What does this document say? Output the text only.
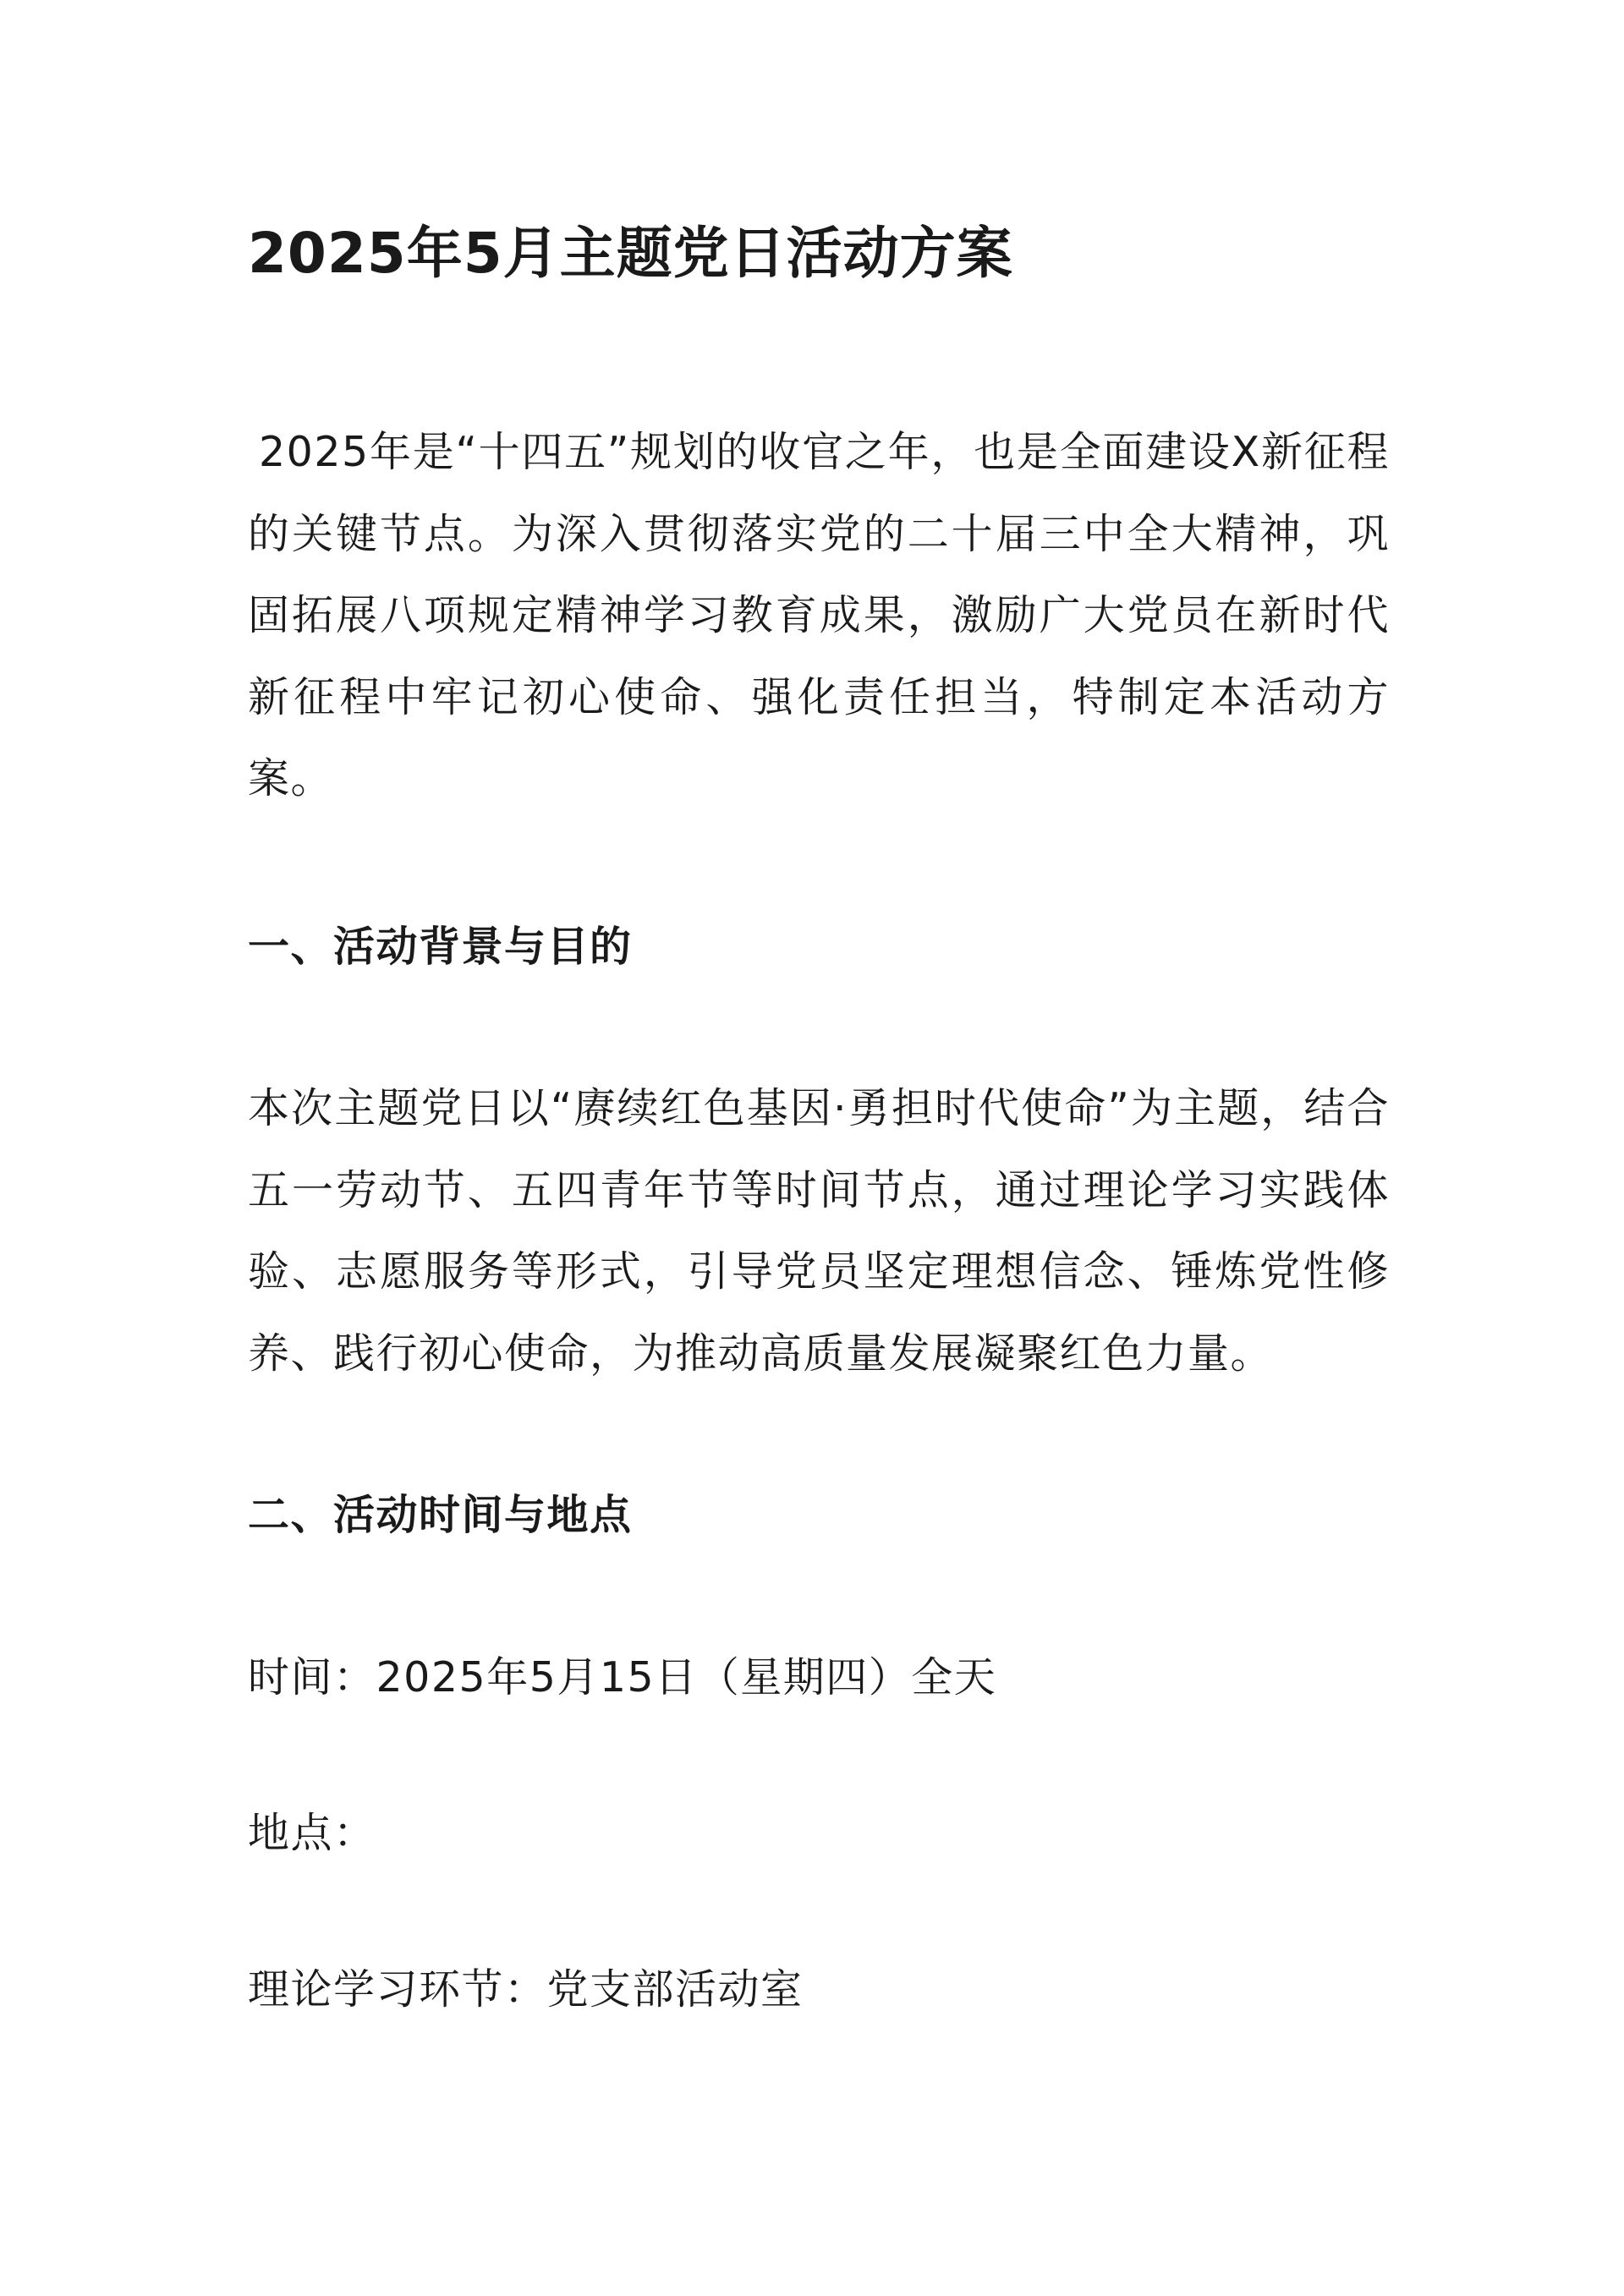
2025年5月主题党日活动方案

2025年是“十四五”规划的收官之年，也是全面建设X新征程的关键节点。为深入贯彻落实党的二十届三中全大精神，巩固拓展八项规定精神学习教育成果，激励广大党员在新时代新征程中牢记初心使命、强化责任担当，特制定本活动方案。

一、活动背景与目的

本次主题党日以“赓续红色基因·勇担时代使命”为主题，结合五一劳动节、五四青年节等时间节点，通过理论学习实践体验、志愿服务等形式，引导党员坚定理想信念、锤炼党性修养、践行初心使命，为推动高质量发展凝聚红色力量。

二、活动时间与地点

时间：2025年5月15日（星期四）全天

地点：

理论学习环节：党支部活动室
